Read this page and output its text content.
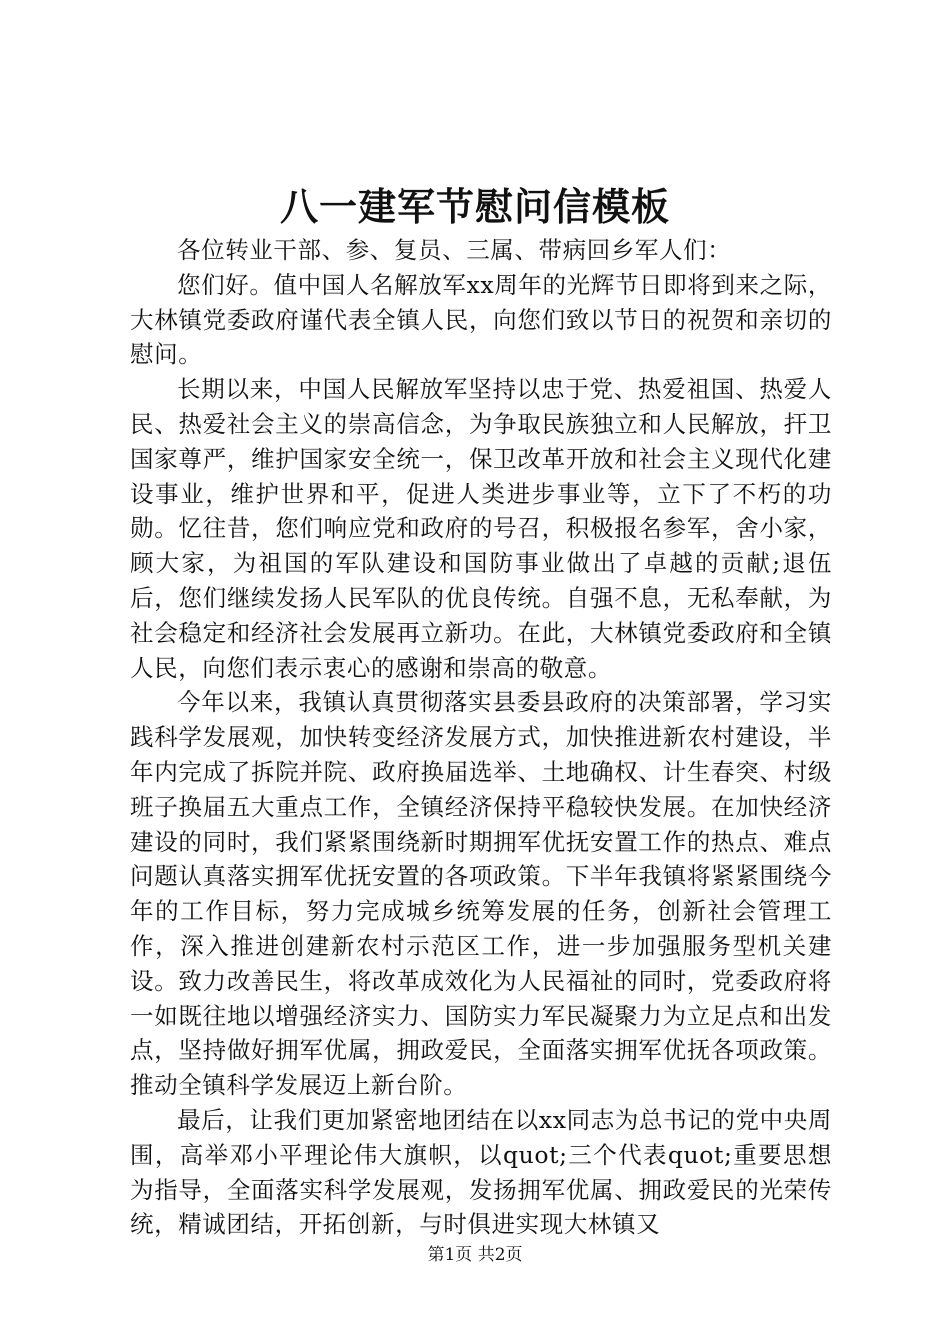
八一建军节慰问信模板

各位转业干部、参、复员、三属、带病回乡军人们：

您们好。值中国人名解放军xx周年的光辉节日即将到来之际，大林镇党委政府谨代表全镇人民，向您们致以节日的祝贺和亲切的慰问。

长期以来，中国人民解放军坚持以忠于党、热爱祖国、热爱人民、热爱社会主义的崇高信念，为争取民族独立和人民解放，扞卫国家尊严，维护国家安全统一，保卫改革开放和社会主义现代化建设事业，维护世界和平，促进人类进步事业等，立下了不朽的功勋。忆往昔，您们响应党和政府的号召，积极报名参军，舍小家，顾大家，为祖国的军队建设和国防事业做出了卓越的贡献;退伍后，您们继续发扬人民军队的优良传统。自强不息，无私奉献，为社会稳定和经济社会发展再立新功。在此，大林镇党委政府和全镇人民，向您们表示衷心的感谢和崇高的敬意。

今年以来，我镇认真贯彻落实县委县政府的决策部署，学习实践科学发展观，加快转变经济发展方式，加快推进新农村建设，半年内完成了拆院并院、政府换届选举、土地确权、计生春突、村级班子换届五大重点工作，全镇经济保持平稳较快发展。在加快经济建设的同时，我们紧紧围绕新时期拥军优抚安置工作的热点、难点问题认真落实拥军优抚安置的各项政策。下半年我镇将紧紧围绕今年的工作目标，努力完成城乡统筹发展的任务，创新社会管理工作，深入推进创建新农村示范区工作，进一步加强服务型机关建设。致力改善民生，将改革成效化为人民福祉的同时，党委政府将一如既往地以增强经济实力、国防实力军民凝聚力为立足点和出发点，坚持做好拥军优属，拥政爱民，全面落实拥军优抚各项政策。推动全镇科学发展迈上新台阶。

最后，让我们更加紧密地团结在以xx同志为总书记的党中央周围，高举邓小平理论伟大旗帜，以quot;三个代表quot;重要思想为指导，全面落实科学发展观，发扬拥军优属、拥政爱民的光荣传统，精诚团结，开拓创新，与时俱进实现大林镇又

第1页 共2页
